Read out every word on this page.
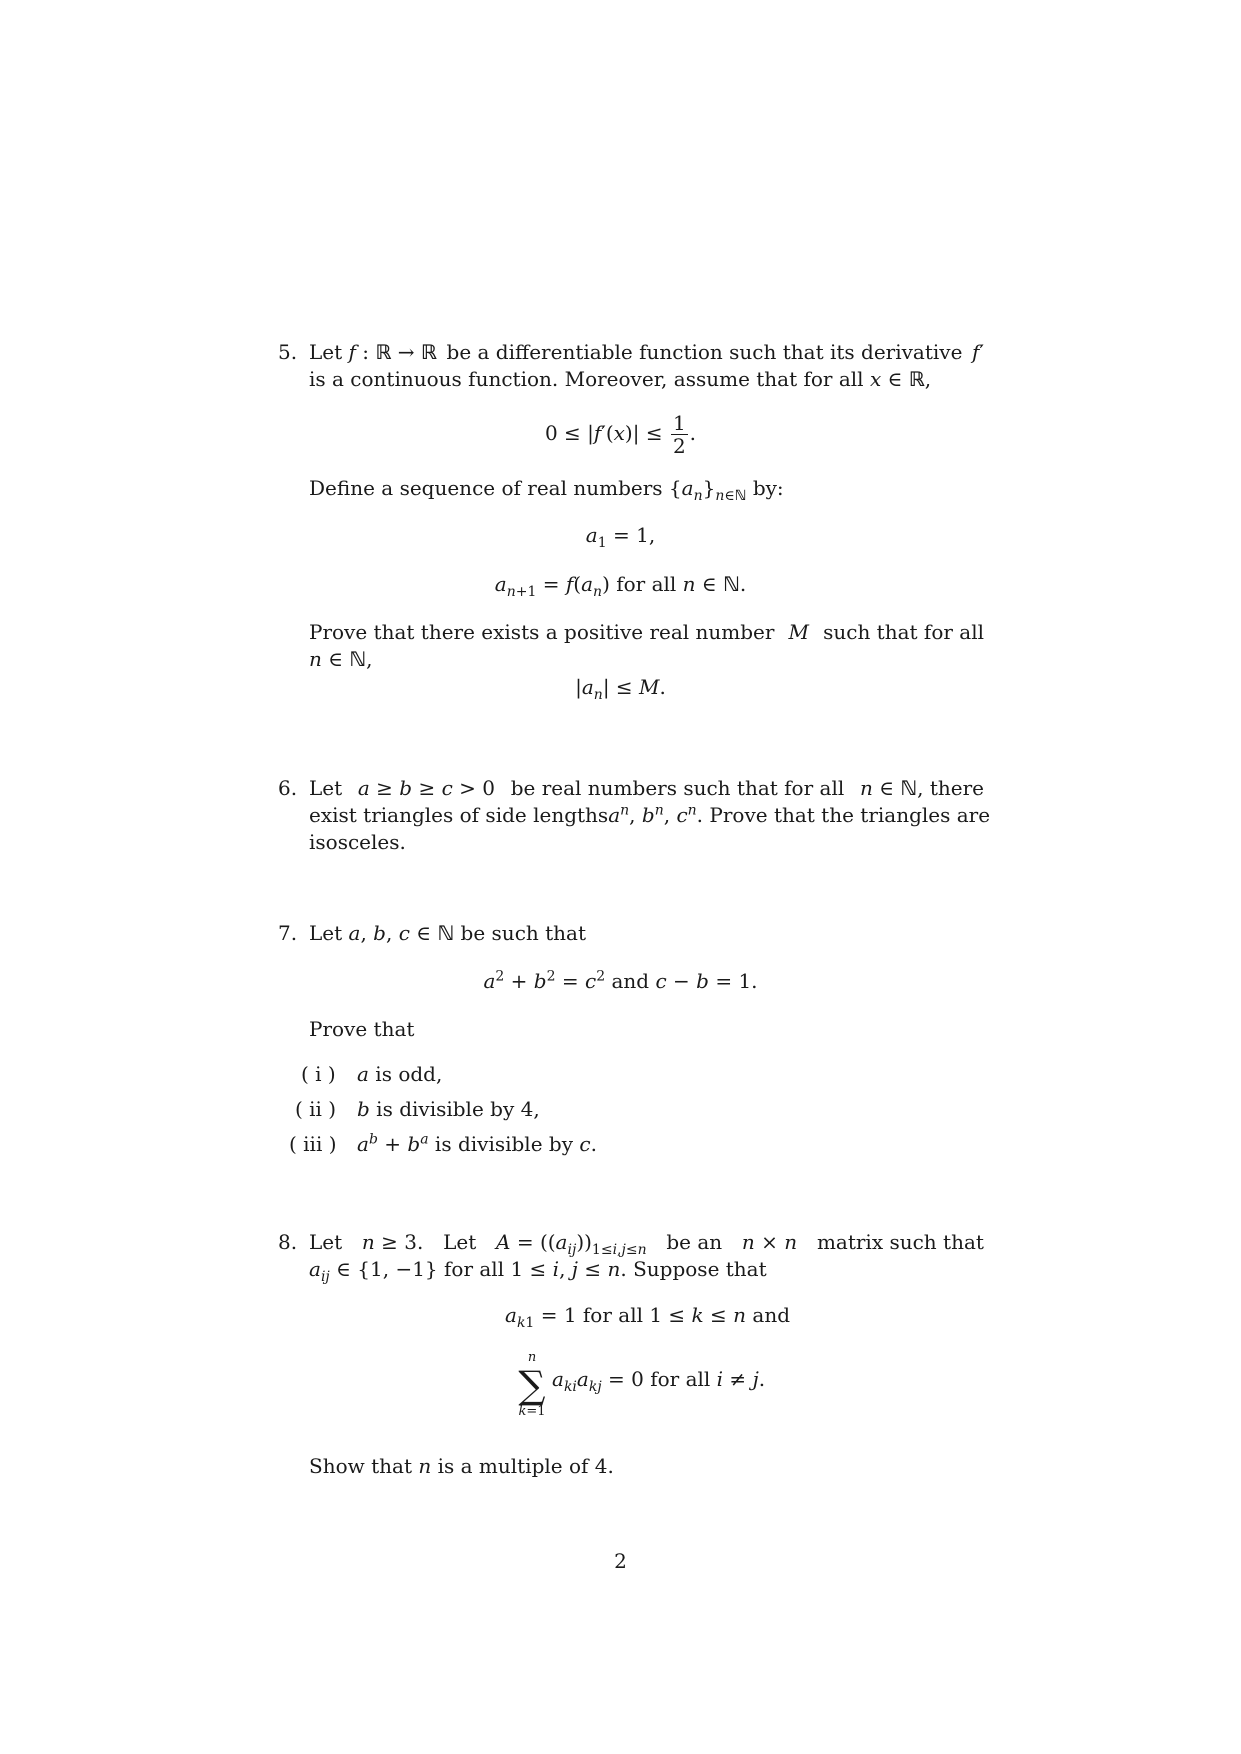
5. Let f : ℝ → ℝ be a differentiable function such that its derivative f′
is a continuous function. Moreover, assume that for all x ∈ ℝ,
$0 \le |f'(x)| \le \frac{1}{2}$ .
Define a sequence of real numbers $\{a_n\}_{n\in ℕ}$ by:
$a_1 = 1$,
$a_{n+1} = f(a_n)$ for all n ∈ ℕ.
Prove that there exists a positive real number M such that for all
n ∈ ℕ,
$|a_n| \le M$.
6. Let a ≥ b ≥ c > 0 be real numbers such that for all n ∈ ℕ, there
exist triangles of side lengths $a^n$, $b^n$, $c^n$ . Prove that the triangles are
isosceles.
7. Let a, b, c ∈ ℕ be such that
$a^2 + b^2 = c^2$ and c − b = 1.
Prove that
( i ) a is odd,
( ii ) b is divisible by 4,
( iii ) $a^b + b^a$ is divisible by c.
8. Let n ≥ 3. Let $A = ((a_{ij}))_{1\le i,j\le n}$ be an n × n matrix such that
$a_{ij}$ ∈ {1, −1} for all 1 ≤ i, j ≤ n. Suppose that
$a_{k1} = 1$ for all 1 ≤ k ≤ n and
n
∑
k=1
$a_{ki}a_{kj} = 0$ for all i ≠ j.
Show that n is a multiple of 4.
2
